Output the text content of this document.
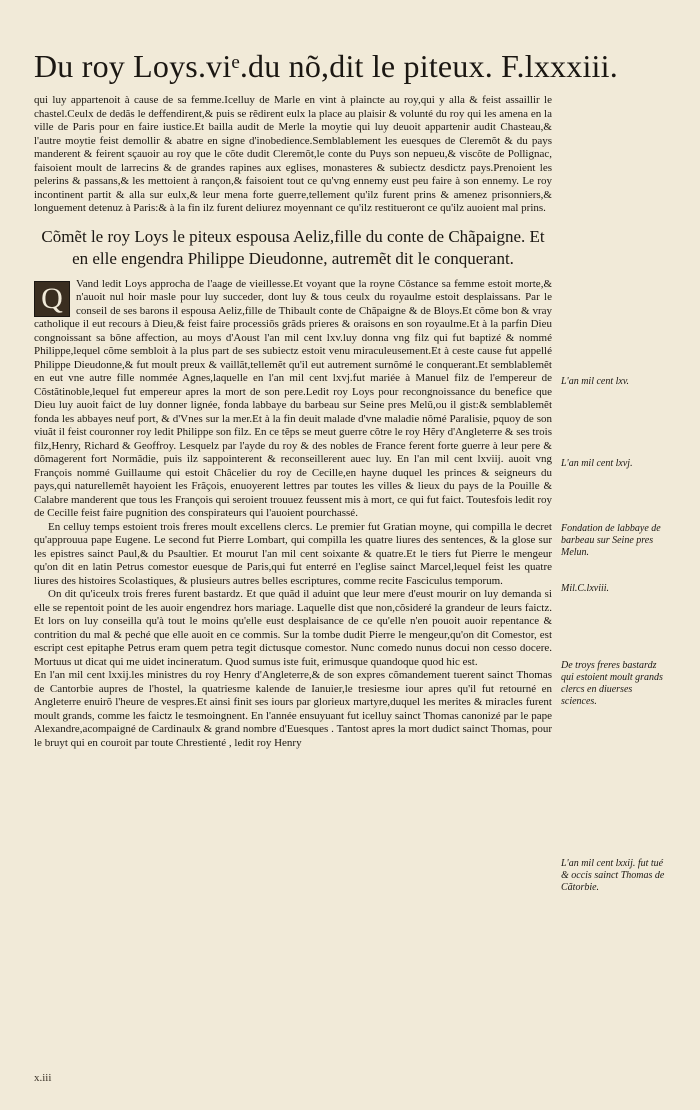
Du roy Loys.viᵉ.du nõ,dit le piteux. F.lxxxiii.

qui luy appartenoit à cause de sa femme.Icelluy de Marle en vint à plaincte au roy,qui y alla & feist assaillir le chastel.Ceulx de dedãs le deffendirent,& puis se rẽdirent eulx la place au plaisir & volunté du roy qui les amena en la ville de Paris pour en faire iustice.Et bailla audit de Merle la moytie qui luy deuoit appartenir audit Chasteau,& l'autre moytie feist demollir & abatre en signe d'inobedience.Semblablement les euesques de Cleremõt & du pays manderent & feirent sçauoir au roy que le cõte dudit Cleremõt,le conte du Puys son nepueu,& viscõte de Pollignac, faisoient moult de larrecins & de grandes rapines aux eglises, monasteres & subiectz desdictz pays.Prenoient les pelerins & passans,& les mettoient à rançon,& faisoient tout ce qu'vng ennemy eust peu faire à son ennemy. Le roy incontinent partit & alla sur eulx,& leur mena forte guerre,tellement qu'ilz furent prins & amenez prisonniers,& longuement detenuz à Paris:& à la fin ilz furent deliurez moyennant ce qu'ilz restitueront ce qu'ilz auoient mal prins.

Cõmẽt le roy Loys le piteux espousa Aeliz,fille du conte de Chãpaigne. Et en elle engendra Philippe Dieudonne, autremẽt dit le conquerant.

Q	Vand ledit Loys approcha de l'aage de vieillesse.Et voyant que la royne Cõstance sa femme estoit morte,& n'auoit nul hoir masle pour luy succeder, dont luy & tous ceulx du royaulme estoit desplaissans. Par le conseil de ses barons il espousa Aeliz,fille de Thibault conte de Chãpaigne & de Bloys.Et cõme bon & vray catholique il eut recours à Dieu,& feist faire processiõs grãds prieres & oraisons en son royaulme.Et à la parfin Dieu congnoissant sa bõne affection, au moys d'Aoust l'an mil cent lxv.luy donna vng filz qui fut baptizé & nommé Philippe,lequel cõme sembloit à la plus part de ses subiectz estoit venu miraculeusement.Et à ceste cause fut appellé Philippe Dieudonne,& fut moult preux & vaillãt,tellemẽt qu'il eut autrement surnõmé le conquerant.Et semblablemẽt en eut vne autre fille nommée Agnes,laquelle en l'an mil cent lxvj.fut mariée à Manuel filz de l'empereur de Cõstãtinoble,lequel fut empereur apres la mort de son pere.Ledit roy Loys pour recongnoissance du benefice que Dieu luy auoit faict de luy donner lignée, fonda labbaye du barbeau sur Seine pres Melũ,ou il gist:& semblablemẽt fonda les abbayes neuf port, & d'Vnes sur la mer.Et à la fin deuit malade d'vne maladie nõmé Paralisie, pquoy de son viuãt il feist couronner roy ledit Philippe son filz. En ce tẽps se meut guerre cõtre le roy Hẽry d'Angleterre & ses trois filz,Henry, Richard & Geoffroy. Lesquelz par l'ayde du roy & des nobles de France ferent forte guerre à leur pere & dõmagerent fort Normãdie, puis ilz sappointerent & reconseillerent auec luy. En l'an mil cent lxviij. auoit vng François nommé Guillaume qui estoit Châcelier du roy de Cecille,en hayne duquel les princes & seigneurs du pays,qui naturellemẽt hayoient les Frãçois, enuoyerent lettres par toutes les villes & lieux du pays de la Pouille & Calabre manderent que tous les François qui seroient trouuez feussent mis à mort, ce qui fut faict. Toutesfois ledit roy de Cecille feist faire pugnition des conspirateurs qui l'auoient pourchassé.

En celluy temps estoient trois freres moult excellens clercs. Le premier fut Gratian moyne, qui compilla le decret qu'approuua pape Eugene. Le second fut Pierre Lombart, qui compilla les quatre liures des sentences, & la glose sur les epistres sainct Paul,& du Psaultier. Et mourut l'an mil cent soixante & quatre.Et le tiers fut Pierre le mengeur qu'on dit en latin Petrus comestor euesque de Paris,qui fut enterré en l'eglise sainct Marcel,lequel feist les quatre liures des histoires Scolastiques, & plusieurs autres belles escriptures, comme recite Fasciculus temporum.

On dit qu'iceulx trois freres furent bastardz. Et que quãd il aduint que leur mere d'eust mourir on luy demanda si elle se repentoit point de les auoir engendrez hors mariage. Laquelle dist que non,cõsideré la grandeur de leurs faictz. Et lors on luy conseilla qu'à tout le moins qu'elle eust desplaisance de ce qu'elle n'en pouoit auoir repentance & contrition du mal & peché que elle auoit en ce commis. Sur la tombe dudit Pierre le mengeur,qu'on dit Comestor, est escript cest epitaphe Petrus eram quem petra tegit dictusque comestor. Nunc comedo nunus docui non cesso docere. Mortuus ut dicat qui me uidet incineratum. Quod sumus iste fuit, erimusque quandoque quod hic est.

En l'an mil cent lxxij.les ministres du roy Henry d'Angleterre,& de son expres cõmandement tuerent sainct Thomas de Cantorbie aupres de l'hostel, la quatriesme kalende de Ianuier,le tresiesme iour apres qu'il fut retourné en Angleterre enuirõ l'heure de vespres.Et ainsi finit ses iours par glorieux martyre,duquel les merites & miracles furent moult grands, comme les faictz le tesmoingnent. En l'année ensuyuant fut icelluy sainct Thomas canonizé par le pape Alexandre,acompaigné de Cardinaulx & grand nombre d'Euesques . Tantost apres la mort dudict sainct Thomas, pour le bruyt qui en couroit par toute Chrestienté , ledit roy Henry

L'an mil cent lxv.
L'an mil cent lxvj.
Fondation de labbaye de barbeau sur Seine pres Melun.
Mil.C.lxviii.
De troys freres bastardz qui estoient moult grands clercs en diuerses sciences.
L'an mil cent lxxij. fut tué & occis sainct Thomas de Cãtorbie.
x.iii
